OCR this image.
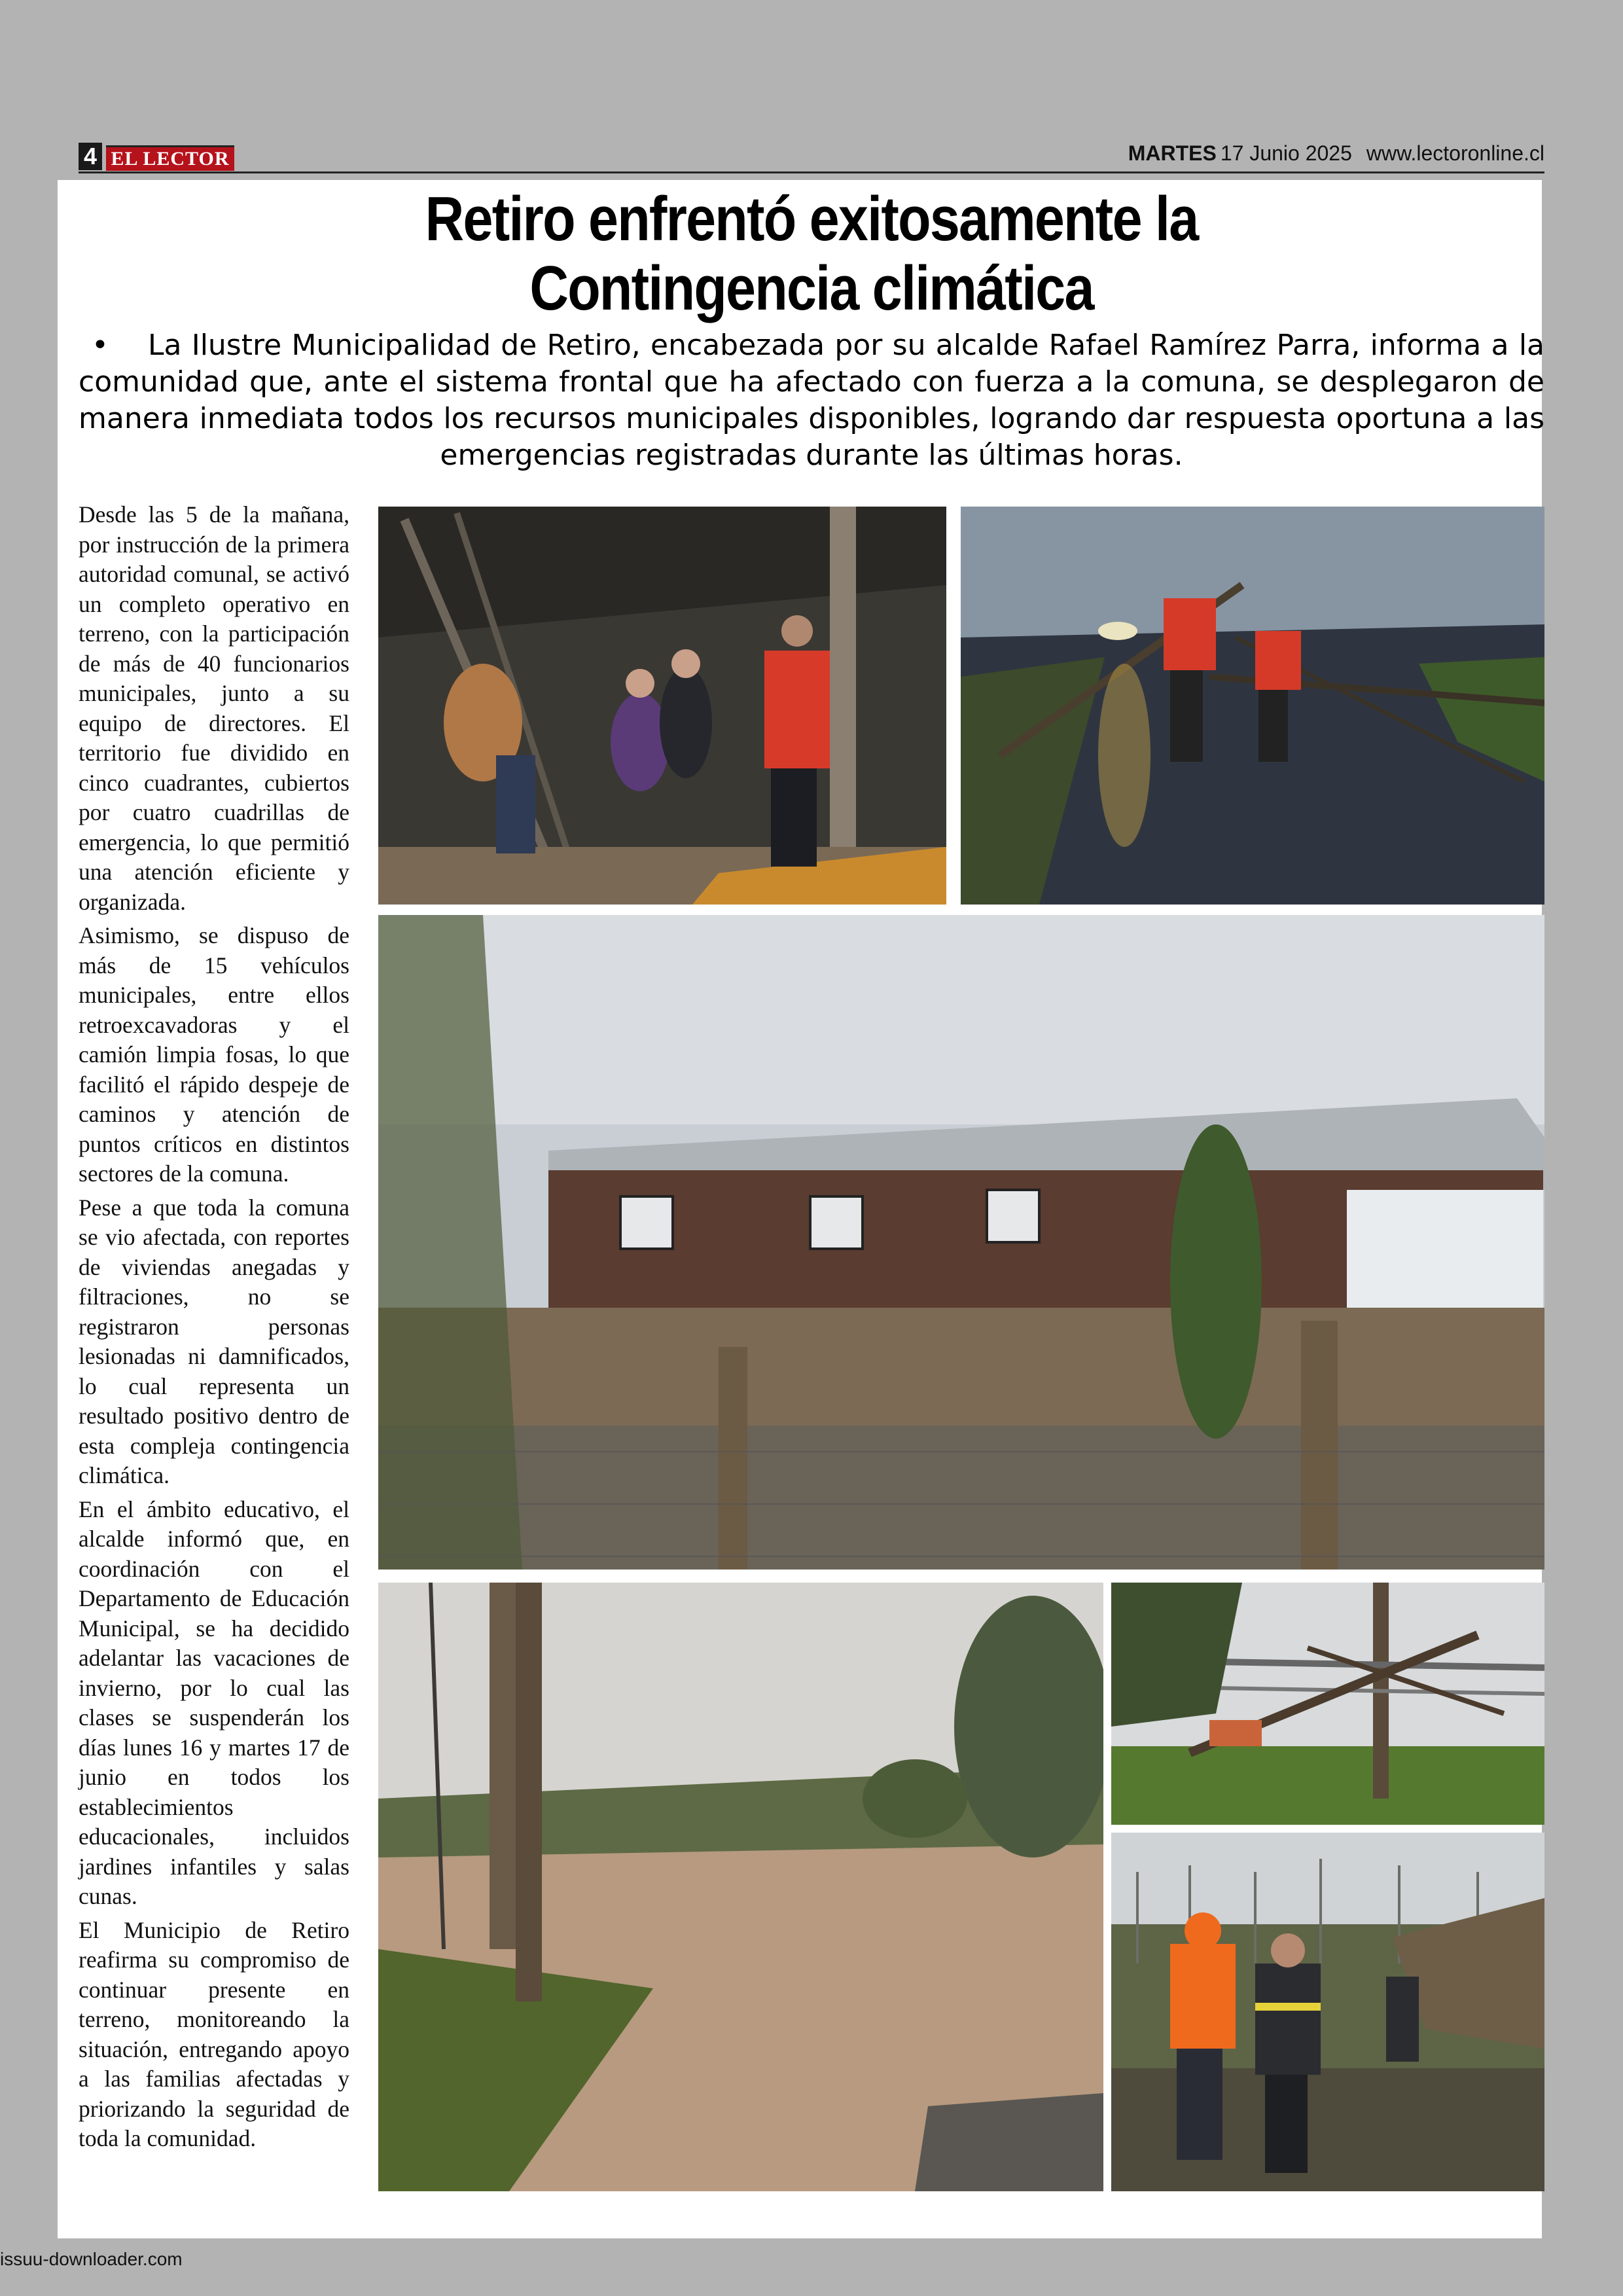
4 EL LECTOR	MARTES 17 Junio 2025 www.lectoronline.cl
Retiro enfrentó exitosamente la
Contingencia climática
• La Ilustre Municipalidad de Retiro, encabezada por su alcalde Rafael Ramírez Parra, informa a la comunidad que, ante el sistema frontal que ha afectado con fuerza a la comuna, se desplegaron de manera inmediata todos los recursos municipales disponibles, logrando dar respuesta oportuna a las emergencias registradas durante las últimas horas.

Desde las 5 de la mañana, por instrucción de la primera autoridad comunal, se activó un completo operativo en terreno, con la participación de más de 40 funcionarios municipales, junto a su equipo de directores. El territorio fue dividido en cinco cuadrantes, cubiertos por cuatro cuadrillas de emergencia, lo que permitió una atención eficiente y organizada.

Asimismo, se dispuso de más de 15 vehículos municipales, entre ellos retroexcavadoras y el camión limpia fosas, lo que facilitó el rápido despeje de caminos y atención de puntos críticos en distintos sectores de la comuna.

Pese a que toda la comuna se vio afectada, con reportes de viviendas anegadas y filtraciones, no se registraron personas lesionadas ni damnificados, lo cual representa un resultado positivo dentro de esta compleja contingencia climática.

En el ámbito educativo, el alcalde informó que, en coordinación con el Departamento de Educación Municipal, se ha decidido adelantar las vacaciones de invierno, por lo cual las clases se suspenderán los días lunes 16 y martes 17 de junio en todos los establecimientos educacionales, incluidos jardines infantiles y salas cunas.

El Municipio de Retiro reafirma su compromiso de continuar presente en terreno, monitoreando la situación, entregando apoyo a las familias afectadas y priorizando la seguridad de toda la comunidad.

issuu-downloader.com
